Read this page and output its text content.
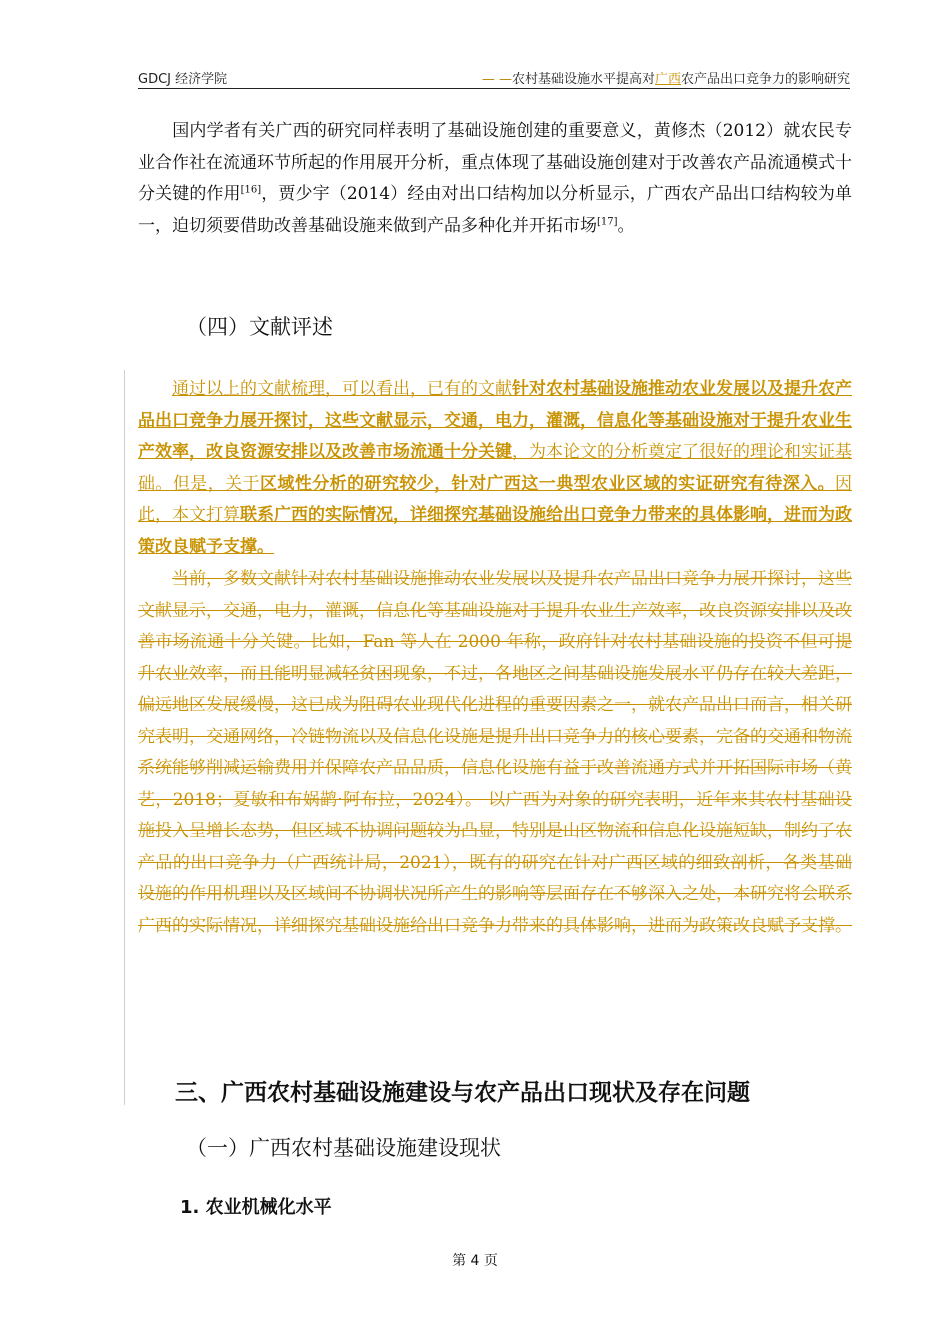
GDCJ 经济学院	— —农村基础设施水平提高对广西农产品出口竞争力的影响研究

国内学者有关广西的研究同样表明了基础设施创建的重要意义，黄修杰（2012）就农民专业合作社在流通环节所起的作用展开分析，重点体现了基础设施创建对于改善农产品流通模式十分关键的作用[16]，贾少宇（2014）经由对出口结构加以分析显示，广西农产品出口结构较为单一，迫切须要借助改善基础设施来做到产品多种化并开拓市场[17]。

（四）文献评述

通过以上的文献梳理，可以看出，已有的文献针对农村基础设施推动农业发展以及提升农产品出口竞争力展开探讨，这些文献显示，交通，电力，灌溉，信息化等基础设施对于提升农业生产效率，改良资源安排以及改善市场流通十分关键，为本论文的分析奠定了很好的理论和实证基础。但是，关于区域性分析的研究较少，针对广西这一典型农业区域的实证研究有待深入。因此，本文打算联系广西的实际情况，详细探究基础设施给出口竞争力带来的具体影响，进而为政策改良赋予支撑。

当前，多数文献针对农村基础设施推动农业发展以及提升农产品出口竞争力展开探讨，这些文献显示，交通，电力，灌溉，信息化等基础设施对于提升农业生产效率，改良资源安排以及改善市场流通十分关键。比如，Fan 等人在 2000 年称，政府针对农村基础设施的投资不但可提升农业效率，而且能明显减轻贫困现象，不过，各地区之间基础设施发展水平仍存在较大差距，偏远地区发展缓慢，这已成为阻碍农业现代化进程的重要因素之一，就农产品出口而言，相关研究表明，交通网络，冷链物流以及信息化设施是提升出口竞争力的核心要素，完备的交通和物流系统能够削减运输费用并保障农产品品质，信息化设施有益于改善流通方式并开拓国际市场（黄艺，2018；夏敏和布娲鹋·阿布拉，2024）。 以广西为对象的研究表明，近年来其农村基础设施投入呈增长态势，但区域不协调问题较为凸显，特别是山区物流和信息化设施短缺，制约了农产品的出口竞争力（广西统计局，2021），既有的研究在针对广西区域的细致剖析，各类基础设施的作用机理以及区域间不协调状况所产生的影响等层面存在不够深入之处，本研究将会联系广西的实际情况，详细探究基础设施给出口竞争力带来的具体影响，进而为政策改良赋予支撑。

三、广西农村基础设施建设与农产品出口现状及存在问题
（一）广西农村基础设施建设现状
1. 农业机械化水平
第 4 页
